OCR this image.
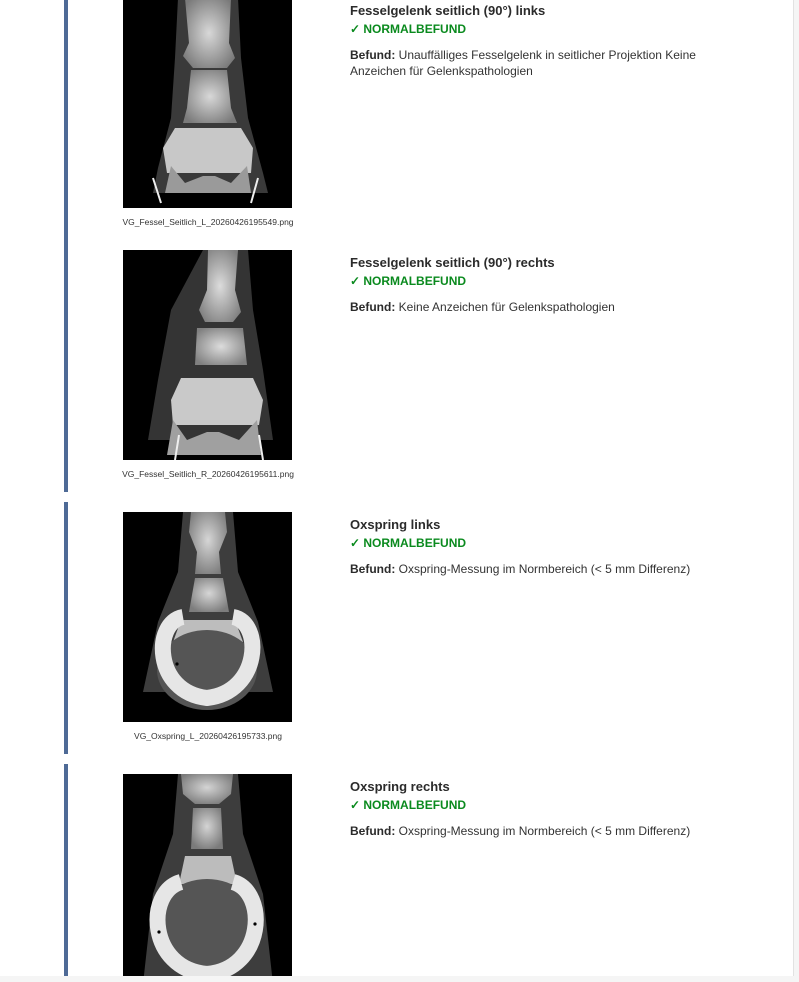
VG_Fessel_Seitlich_L_20260426195549.png
Fesselgelenk seitlich (90°) links
✓ NORMALBEFUND
Befund: Unauffälliges Fesselgelenk in seitlicher Projektion Keine Anzeichen für Gelenkspathologien
VG_Fessel_Seitlich_R_20260426195611.png
Fesselgelenk seitlich (90°) rechts
✓ NORMALBEFUND
Befund: Keine Anzeichen für Gelenkspathologien
VG_Oxspring_L_20260426195733.png
Oxspring links
✓ NORMALBEFUND
Befund: Oxspring-Messung im Normbereich (< 5 mm Differenz)
Oxspring rechts
✓ NORMALBEFUND
Befund: Oxspring-Messung im Normbereich (< 5 mm Differenz)
